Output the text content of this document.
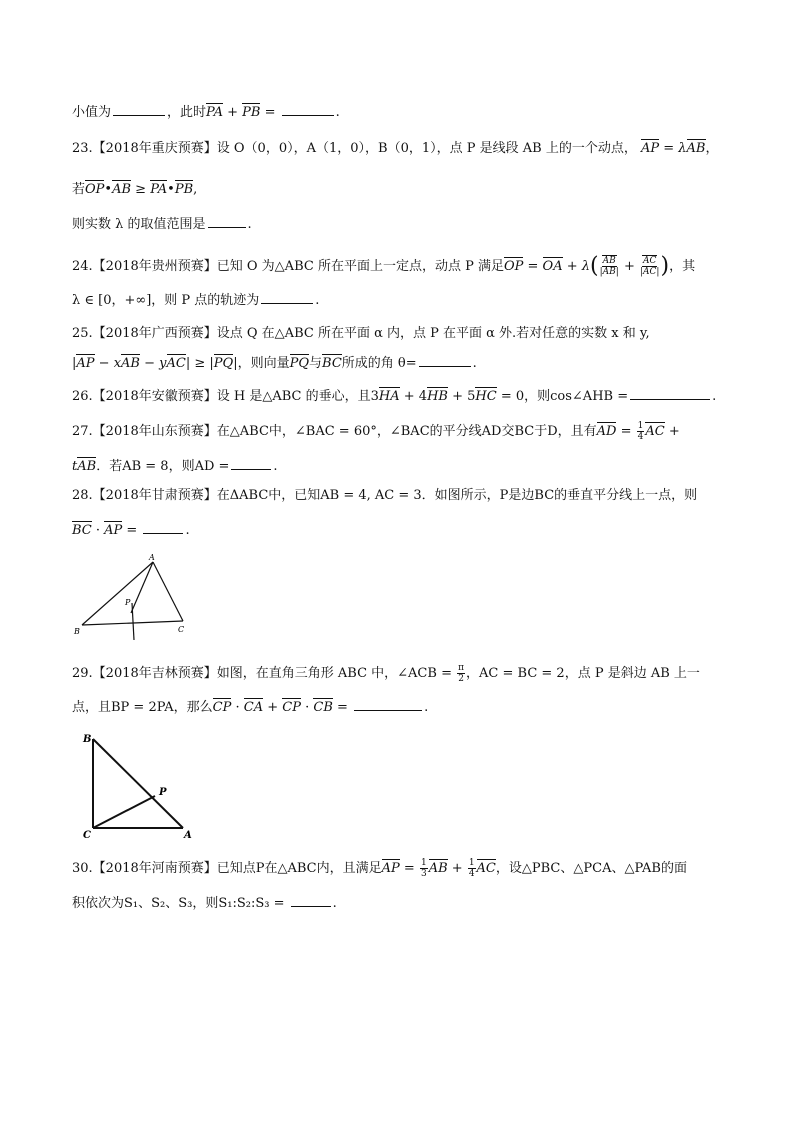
小值为	，此时PA + PB =	.
23.【2018年重庆预赛】设 O（0，0），A（1，0），B（0，1），点 P 是线段 AB 上的一个动点， AP = λAB，
若OP•AB ≥ PA•PB,
则实数 λ 的取值范围是	.
24.【2018年贵州预赛】已知 O 为△ABC 所在平面上一定点，动点 P 满足OP = OA + $\lambda( \frac{AB}{|AB|} + \frac{AC}{|AC|}$ )，其
λ ∈ [0，+∞]，则 P 点的轨迹为	.
25.【2018年广西预赛】设点 Q 在△ABC 所在平面 α 内，点 P 在平面 α 外.若对任意的实数 x 和 y,
|AP − xAB − yAC| ≥ |PQ|，则向量PQ与BC所成的角 θ=	.
26.【2018年安徽预赛】设 H 是△ABC 的垂心，且3HA + 4HB + 5HC = 0，则cos∠AHB =	.
27.【2018年山东预赛】在△ABC中，∠BAC = 60°，∠BAC的平分线AD交BC于D，且有AD = $\frac{1}{4}$ AC +
tAB．若AB = 8，则AD =	.
28.【2018年甘肃预赛】在ΔABC中，已知AB = 4, AC = 3．如图所示，P是边BC的垂直平分线上一点，则
BC · AP =	.
A
B	C
P
29.【2018年吉林预赛】如图，在直角三角形 ABC 中，∠ACB = $\frac{\pi}{2}$ ，AC = BC = 2，点 P 是斜边 AB 上一
点，且BP = 2PA，那么CP · CA + CP · CB =	.
B
C	A
P
30.【2018年河南预赛】已知点P在△ABC内，且满足AP = $\frac{1}{3}$ AB + $\frac{1}{4}$ AC，设△PBC、△PCA、△PAB的面
积依次为S₁、S₂、S₃，则S₁:S₂:S₃ =	.
